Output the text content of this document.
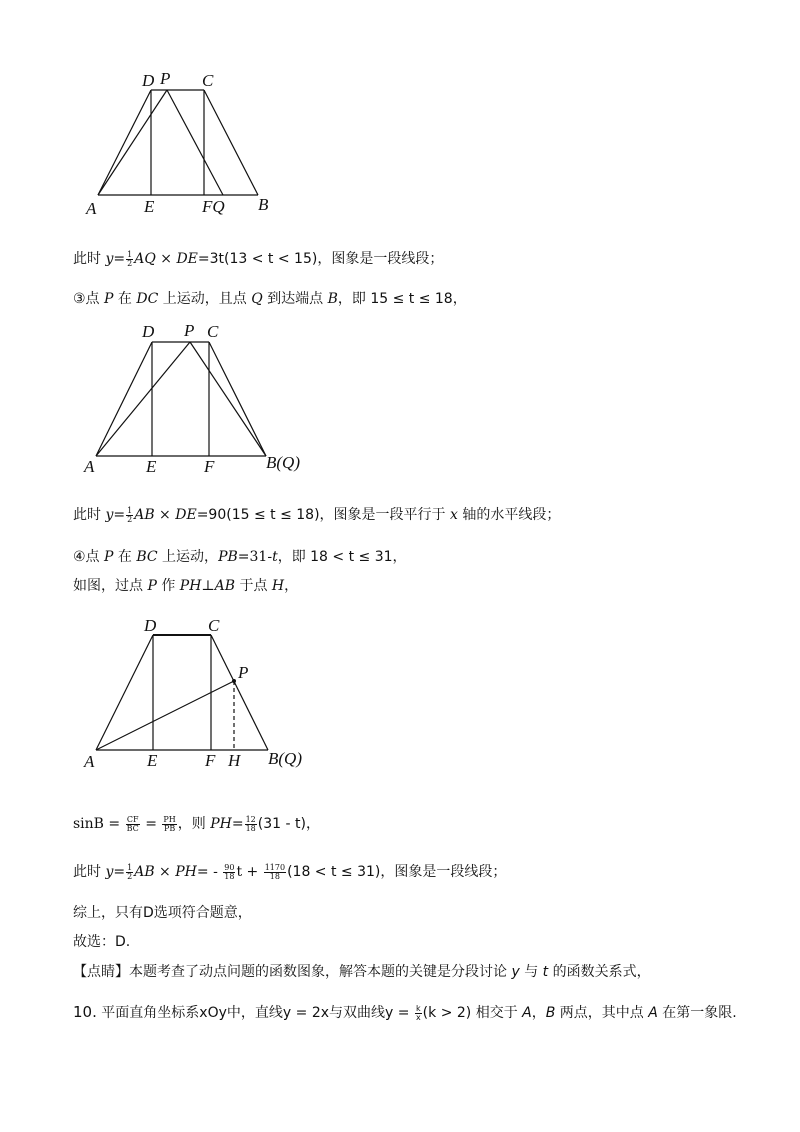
D P C
A	E	FQ B
此时 $y= \frac{1}{2}$ AQ × DE=3t(13 < t < 15)，图象是一段线段；
③点 P 在 DC 上运动，且点 Q 到达端点 B，即 15 ≤ t ≤ 18，
D P C
A	E	F	B(Q)
此时 $y= \frac{1}{2}$ AB × DE=90(15 ≤ t ≤ 18)，图象是一段平行于 x 轴的水平线段；
④点 P 在 BC 上运动，PB=31-t，即 18 < t ≤ 31，
如图，过点 P 作 PH⊥AB 于点 H，
D	C
P
A	E	F H B(Q)
$\sin B = \frac{CF}{BC} = \frac{PH}{PB}$ ，则 $PH= \frac{12}{18} (31 - t)$，
此时 $y= \frac{1}{2}$ AB × $PH= - \frac{90}{18}$ $t + \frac{1170}{18} (18 < t \le 31)$，图象是一段线段；
综上，只有D选项符合题意，
故选：D.
【点睛】本题考查了动点问题的函数图象，解答本题的关键是分段讨论 y 与 t 的函数关系式，
10. 平面直角坐标系xOy中，直线y = 2x与双曲线$y = \frac{k}{x} (k > 2)$ 相交于 A，B 两点，其中点 A 在第一象限.
